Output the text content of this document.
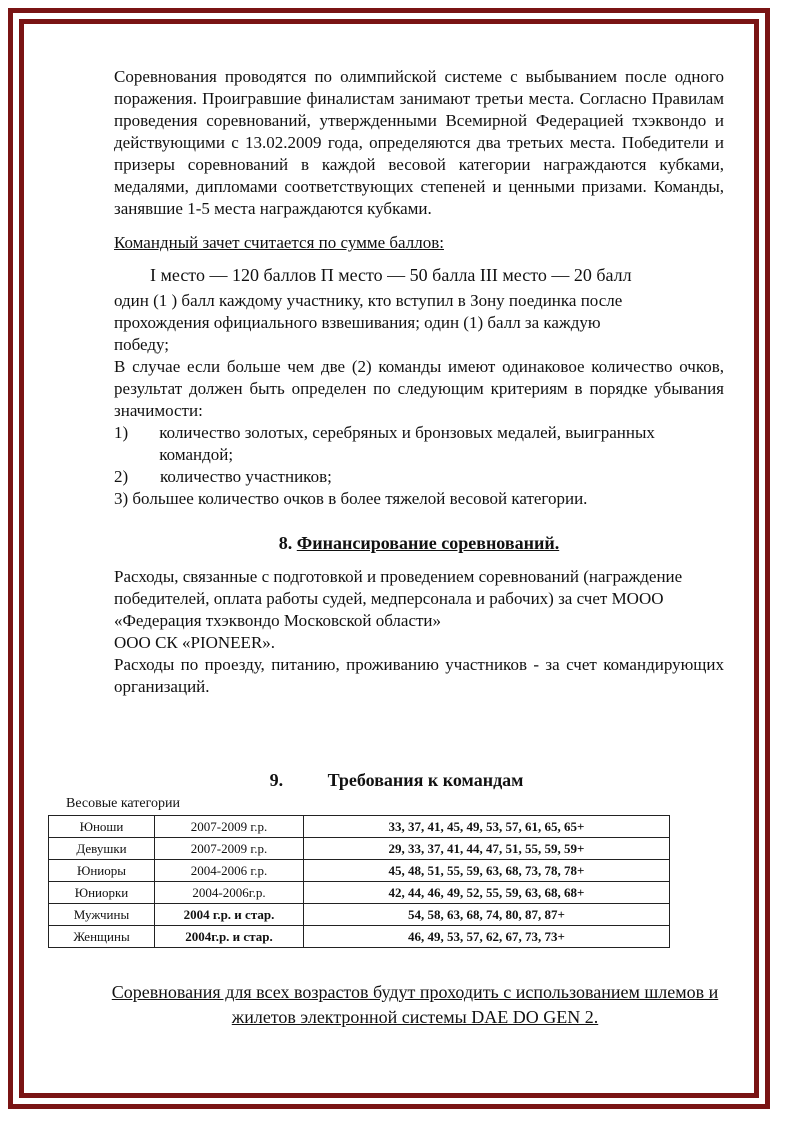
Соревнования проводятся по олимпийской системе с выбыванием после одного поражения. Проигравшие финалистам занимают третьи места. Согласно Правилам проведения соревнований, утвержденными Всемирной Федерацией тхэквондо и действующими с 13.02.2009 года, определяются два третьих места. Победители и призеры соревнований в каждой весовой категории награждаются кубками, медалями, дипломами соответствующих степеней и ценными призами. Команды, занявшие 1-5 места награждаются кубками.

Командный зачет считается по сумме баллов:

I место — 120 баллов П место — 50 балла III место — 20 балл

один (1 ) балл каждому участнику, кто вступил в Зону поединка после прохождения официального взвешивания; один (1) балл за каждую победу;

В случае если больше чем две (2) команды имеют одинаковое количество очков, результат должен быть определен по следующим критериям в порядке убывания значимости:

1)	количество золотых, серебряных и бронзовых медалей, выигранных командой;
2)	количество участников;

3) большее количество очков в более тяжелой весовой категории.

8. Финансирование соревнований.

Расходы, связанные с подготовкой и проведением соревнований (награждение победителей, оплата работы судей, медперсонала и рабочих) за счет МООО «Федерация тхэквондо Московской области»

ООО СК «PIONEER».

Расходы по проезду, питанию, проживанию участников - за счет командирующих организаций.

9. Требования к командам
Весовые категории
Юноши	2007-2009 г.р.	33, 37, 41, 45, 49, 53, 57, 61, 65, 65+
Девушки	2007-2009 г.р.	29, 33, 37, 41, 44, 47, 51, 55, 59, 59+
Юниоры	2004-2006 г.р.	45, 48, 51, 55, 59, 63, 68, 73, 78, 78+
Юниорки	2004-2006г.р.	42, 44, 46, 49, 52, 55, 59, 63, 68, 68+
Мужчины	2004 г.р. и стар.	54, 58, 63, 68, 74, 80, 87, 87+
Женщины	2004г.р. и стар.	46, 49, 53, 57, 62, 67, 73, 73+
Соревнования для всех возрастов будут проходить с использованием шлемов и жилетов электронной системы DAE DO GEN 2.
